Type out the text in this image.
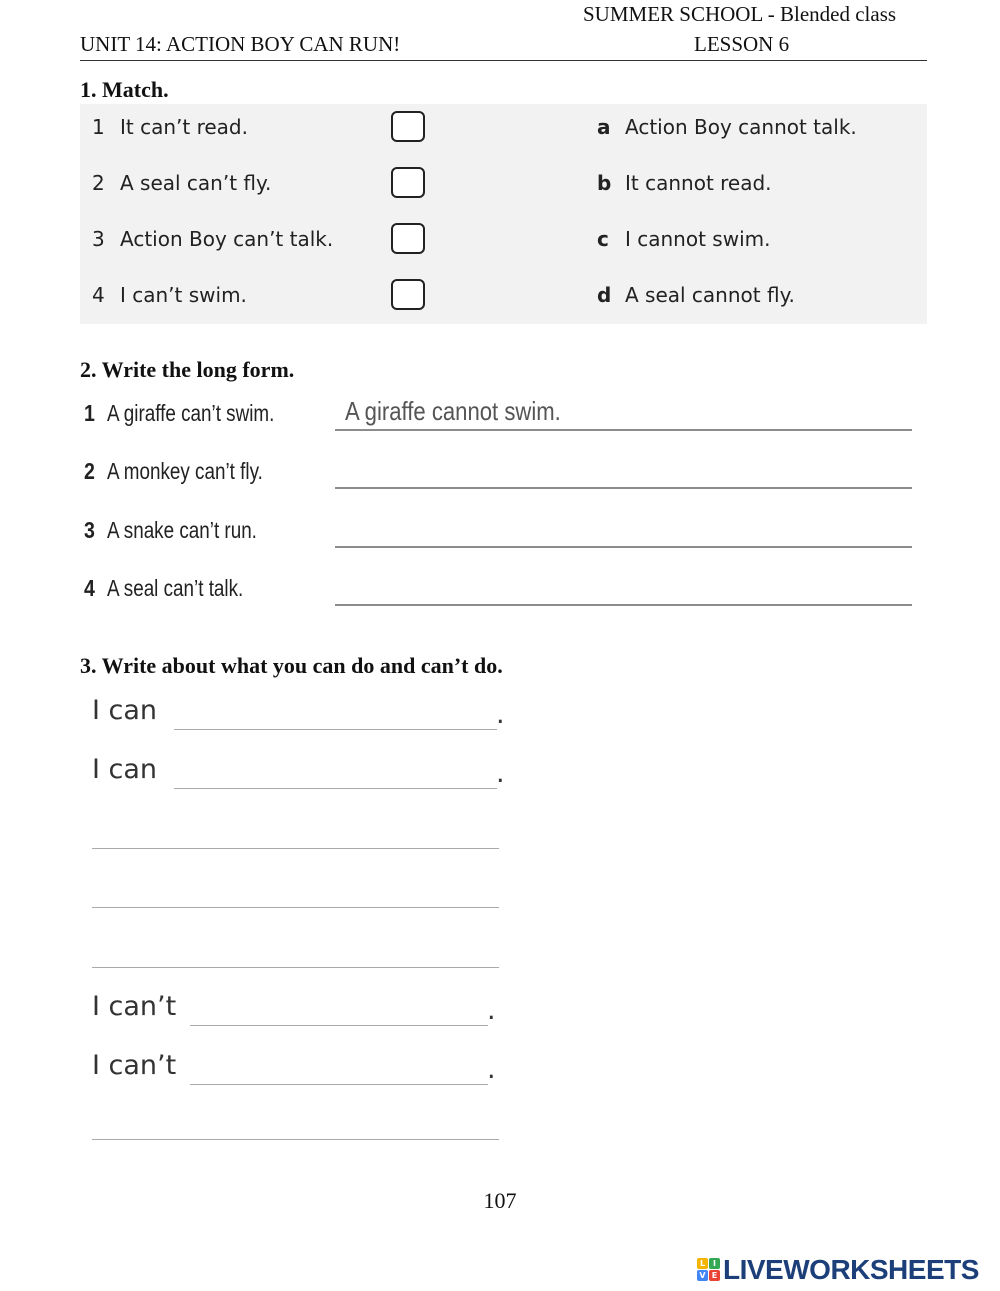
SUMMER SCHOOL - Blended class
UNIT 14: ACTION BOY CAN RUN!	LESSON 6
1. Match.
1 It can’t read.	a Action Boy cannot talk.
2 A seal can’t fly.	b It cannot read.
3 Action Boy can’t talk.	c I cannot swim.
4 I can’t swim.	d A seal cannot fly.
2. Write the long form.
1 A giraffe can’t swim.	A giraffe cannot swim.
2 A monkey can’t fly.
3 A snake can’t run.
4 A seal can’t talk.
3. Write about what you can do and can’t do.
I can	.
I can	.
I can’t	.
I can’t	.
107
L I
V E LIVEWORKSHEETS
